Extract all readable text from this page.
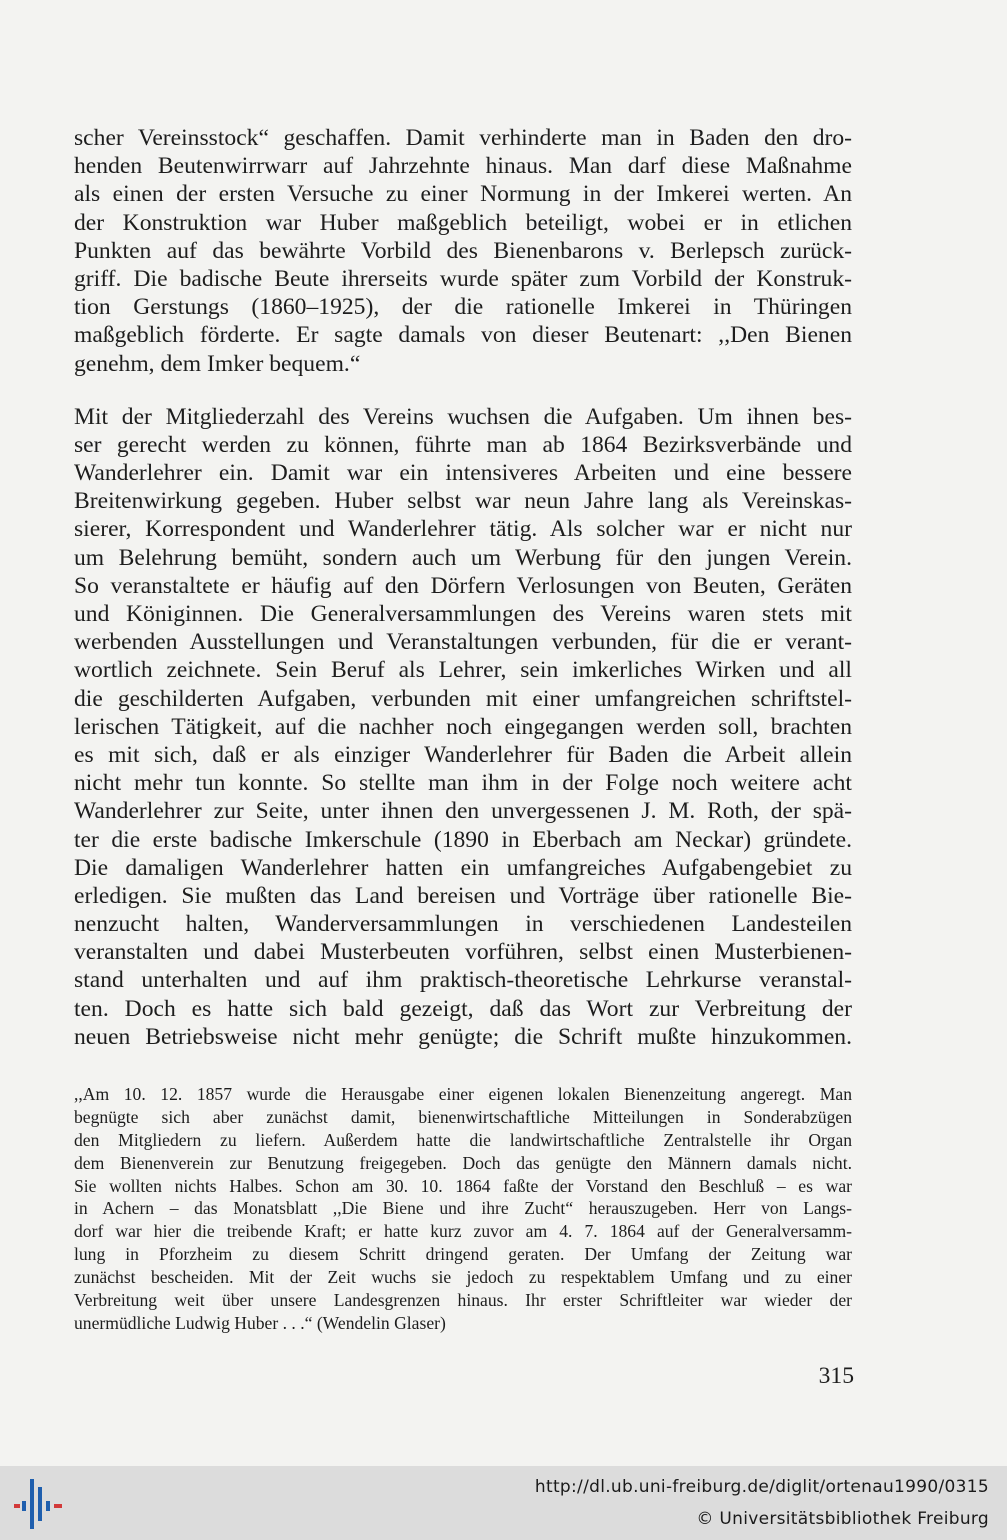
scher Vereinsstock“ geschaffen. Damit verhinderte man in Baden den dro-
henden Beutenwirrwarr auf Jahrzehnte hinaus. Man darf diese Maßnahme
als einen der ersten Versuche zu einer Normung in der Imkerei werten. An
der Konstruktion war Huber maßgeblich beteiligt, wobei er in etlichen
Punkten auf das bewährte Vorbild des Bienenbarons v. Berlepsch zurück-
griff. Die badische Beute ihrerseits wurde später zum Vorbild der Konstruk-
tion Gerstungs (1860–1925), der die rationelle Imkerei in Thüringen
maßgeblich förderte. Er sagte damals von dieser Beutenart: ,,Den Bienen
genehm, dem Imker bequem.“
Mit der Mitgliederzahl des Vereins wuchsen die Aufgaben. Um ihnen bes-
ser gerecht werden zu können, führte man ab 1864 Bezirksverbände und
Wanderlehrer ein. Damit war ein intensiveres Arbeiten und eine bessere
Breitenwirkung gegeben. Huber selbst war neun Jahre lang als Vereinskas-
sierer, Korrespondent und Wanderlehrer tätig. Als solcher war er nicht nur
um Belehrung bemüht, sondern auch um Werbung für den jungen Verein.
So veranstaltete er häufig auf den Dörfern Verlosungen von Beuten, Geräten
und Königinnen. Die Generalversammlungen des Vereins waren stets mit
werbenden Ausstellungen und Veranstaltungen verbunden, für die er verant-
wortlich zeichnete. Sein Beruf als Lehrer, sein imkerliches Wirken und all
die geschilderten Aufgaben, verbunden mit einer umfangreichen schriftstel-
lerischen Tätigkeit, auf die nachher noch eingegangen werden soll, brachten
es mit sich, daß er als einziger Wanderlehrer für Baden die Arbeit allein
nicht mehr tun konnte. So stellte man ihm in der Folge noch weitere acht
Wanderlehrer zur Seite, unter ihnen den unvergessenen J. M. Roth, der spä-
ter die erste badische Imkerschule (1890 in Eberbach am Neckar) gründete.
Die damaligen Wanderlehrer hatten ein umfangreiches Aufgabengebiet zu
erledigen. Sie mußten das Land bereisen und Vorträge über rationelle Bie-
nenzucht halten, Wanderversammlungen in verschiedenen Landesteilen
veranstalten und dabei Musterbeuten vorführen, selbst einen Musterbienen-
stand unterhalten und auf ihm praktisch-theoretische Lehrkurse veranstal-
ten. Doch es hatte sich bald gezeigt, daß das Wort zur Verbreitung der
neuen Betriebsweise nicht mehr genügte; die Schrift mußte hinzukommen.
,,Am 10. 12. 1857 wurde die Herausgabe einer eigenen lokalen Bienenzeitung angeregt. Man
begnügte sich aber zunächst damit, bienenwirtschaftliche Mitteilungen in Sonderabzügen
den Mitgliedern zu liefern. Außerdem hatte die landwirtschaftliche Zentralstelle ihr Organ
dem Bienenverein zur Benutzung freigegeben. Doch das genügte den Männern damals nicht.
Sie wollten nichts Halbes. Schon am 30. 10. 1864 faßte der Vorstand den Beschluß – es war
in Achern – das Monatsblatt ,,Die Biene und ihre Zucht“ herauszugeben. Herr von Langs-
dorf war hier die treibende Kraft; er hatte kurz zuvor am 4. 7. 1864 auf der Generalversamm-
lung in Pforzheim zu diesem Schritt dringend geraten. Der Umfang der Zeitung war
zunächst bescheiden. Mit der Zeit wuchs sie jedoch zu respektablem Umfang und zu einer
Verbreitung weit über unsere Landesgrenzen hinaus. Ihr erster Schriftleiter war wieder der
unermüdliche Ludwig Huber . . .“ (Wendelin Glaser)
315
http://dl.ub.uni-freiburg.de/diglit/ortenau1990/0315
© Universitätsbibliothek Freiburg
